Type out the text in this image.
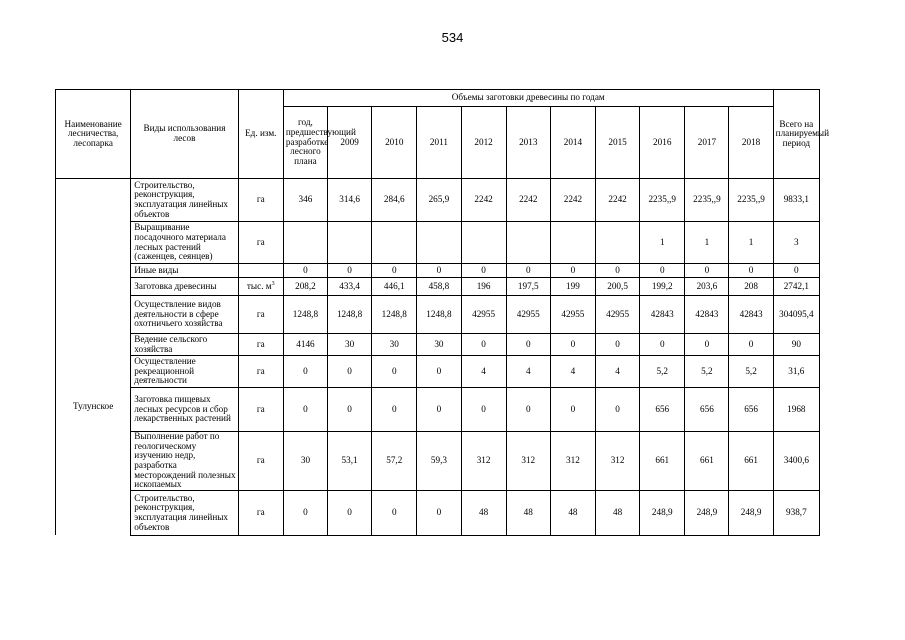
534
Наименование лесничества, лесопарка	Виды использования лесов	Ед. изм.	Объемы заготовки древесины по годам											Всего на планируемый период
			год, предшествующий разработке лесного плана	2009	2010	2011	2012	2013	2014	2015	2016	2017	2018	
	Строительство, реконструкция, эксплуатация линейных объектов	га	346	314,6	284,6	265,9	2242	2242	2242	2242	2235,,9	2235,,9	2235,,9	9833,1
	Выращивание посадочного материала лесных растений (саженцев, сеянцев)	га									1	1	1	3
	Иные виды		0	0	0	0	0	0	0	0	0	0	0	0
Тулунское	Заготовка древесины	тыс. $м^3$	208,2	433,4	446,1	458,8	196	197,5	199	200,5	199,2	203,6	208	2742,1
	Осуществление видов деятельности в сфере охотничьего хозяйства	га	1248,8	1248,8	1248,8	1248,8	42955	42955	42955	42955	42843	42843	42843	304095,4
	Ведение сельского хозяйства	га	4146	30	30	30	0	0	0	0	0	0	0	90
	Осуществление рекреационной деятельности	га	0	0	0	0	4	4	4	4	5,2	5,2	5,2	31,6
	Заготовка пищевых лесных ресурсов и сбор лекарственных растений	га	0	0	0	0	0	0	0	0	656	656	656	1968
	Выполнение работ по геологическому изучению недр, разработка месторождений полезных ископаемых	га	30	53,1	57,2	59,3	312	312	312	312	661	661	661	3400,6
	Строительство, реконструкция, эксплуатация линейных объектов	га	0	0	0	0	48	48	48	48	248,9	248,9	248,9	938,7
